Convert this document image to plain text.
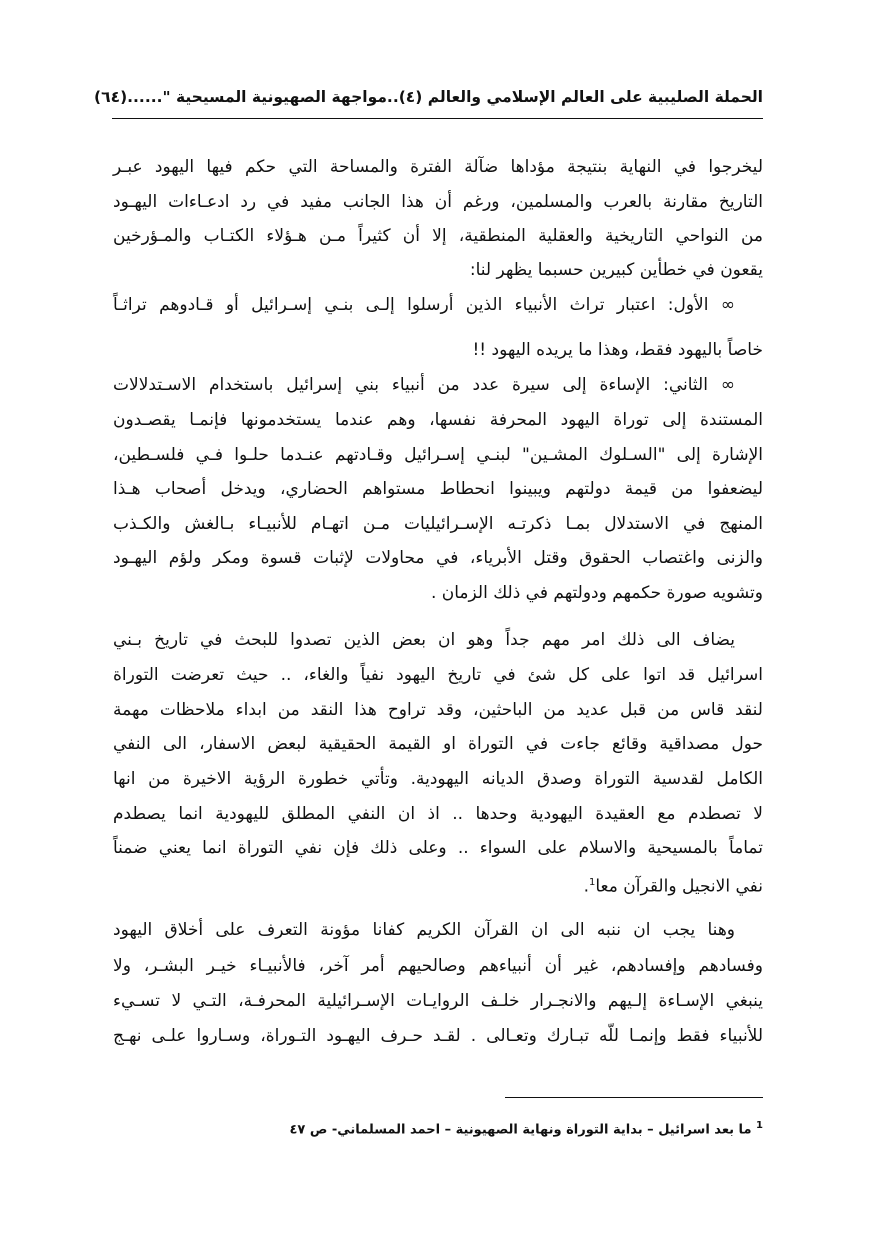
الحملة الصليبية على العالم الإسلامي والعالم (٤)..مواجهة الصهيونية المسيحية "......
(٦٤)
ليخرجوا في النهاية بنتيجة مؤداها ضآلة الفترة والمساحة التي حكم فيها اليهود عبـر
التاريخ مقارنة بالعرب والمسلمين، ورغم أن هذا الجانب مفيد في رد ادعـاءات اليهـود
من النواحي التاريخية والعقلية المنطقية، إلا أن كثيراً مـن هـؤلاء الكتـاب والمـؤرخين
يقعون في خطأين كبيرين حسبما يظهر لنا:
∞ الأول: اعتبار تراث الأنبياء الذين أرسلوا إلـى بنـي إسـرائيل أو قـادوهم تراثـاً
خاصاً باليهود فقط، وهذا ما يريده اليهود !!
∞ الثاني: الإساءة إلى سيرة عدد من أنبياء بني إسرائيل باستخدام الاسـتدلالات
المستندة إلى توراة اليهود المحرفة نفسها، وهم عندما يستخدمونها فإنمـا يقصـدون
الإشارة إلى "السـلوك المشـين" لبنـي إسـرائيل وقـادتهم عنـدما حلـوا فـي فلسـطين،
ليضعفوا من قيمة دولتهم ويبينوا انحطاط مستواهم الحضاري، ويدخل أصحاب هـذا
المنهج في الاستدلال بمـا ذكرتـه الإسـرائيليات مـن اتهـام للأنبيـاء بـالغش والكـذب
والزنى واغتصاب الحقوق وقتل الأبرياء، في محاولات لإثبات قسوة ومكر ولؤم اليهـود
وتشويه صورة حكمهم ودولتهم في ذلك الزمان .
يضاف الى ذلك امر مهم جداً وهو ان بعض الذين تصدوا للبحث في تاريخ بـني
اسرائيل قد اتوا على كل شئ في تاريخ اليهود نفياً والغاء، .. حيث تعرضت التوراة
لنقد قاس من قبل عديد من الباحثين، وقد تراوح هذا النقد من ابداء ملاحظات مهمة
حول مصداقية وقائع جاءت في التوراة او القيمة الحقيقية لبعض الاسفار، الى النفي
الكامل لقدسية التوراة وصدق الديانه اليهودية. وتأتي خطورة الرؤية الاخيرة من انها
لا تصطدم مع العقيدة اليهودية وحدها .. اذ ان النفي المطلق لليهودية انما يصطدم
تماماً بالمسيحية والاسلام على السواء .. وعلى ذلك فإن نفي التوراة انما يعني ضمناً
نفي الانجيل والقرآن معا$^1$.
وهنا يجب ان ننبه الى ان القرآن الكريم كفانا مؤونة التعرف على أخلاق اليهود
وفسادهم وإفسادهم، غير أن أنبياءهم وصالحيهم أمر آخر، فالأنبيـاء خيـر البشـر، ولا
ينبغي الإسـاءة إلـيهم والانجـرار خلـف الروايـات الإسـرائيلية المحرفـة، التـي لا تسـيء
للأنبياء فقط وإنمـا للّه تبـارك وتعـالى . لقـد حـرف اليهـود التـوراة، وسـاروا علـى نهـج
$^1$ ما بعد اسرائيل – بداية التوراة ونهاية الصهيونية – احمد المسلماني- ص ٤٧
